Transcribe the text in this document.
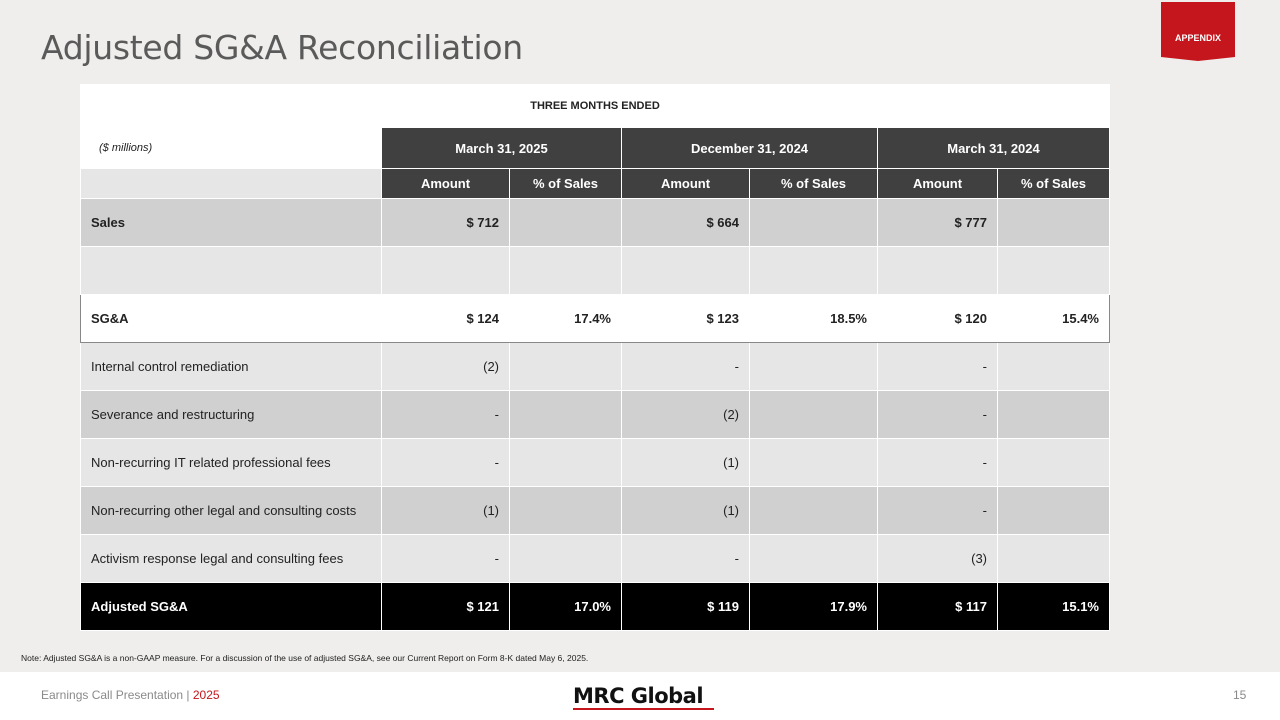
Adjusted SG&A Reconciliation	APPENDIX
THREE MONTHS ENDED						

($ millions)	March 31, 2025		December 31, 2024		March 31, 2024	
	Amount	% of Sales	Amount	% of Sales	Amount	% of Sales
Sales	$ 712		$ 664		$ 777	

SG&A	$ 124	17.4%	$ 123	18.5%	$ 120	15.4%
Internal control remediation	(2)		-		-	
Severance and restructuring	-		(2)		-	
Non-recurring IT related professional fees	-		(1)		-	
Non-recurring other legal and consulting costs	(1)		(1)		-	
Activism response legal and consulting fees	-		-		(3)	
Adjusted SG&A	$ 121	17.0%	$ 119	17.9%	$ 117	15.1%
Note: Adjusted SG&A is a non-GAAP measure. For a discussion of the use of adjusted SG&A, see our Current Report on Form 8-K dated May 6, 2025.
Earnings Call Presentation | 2025	MRC Global	15
